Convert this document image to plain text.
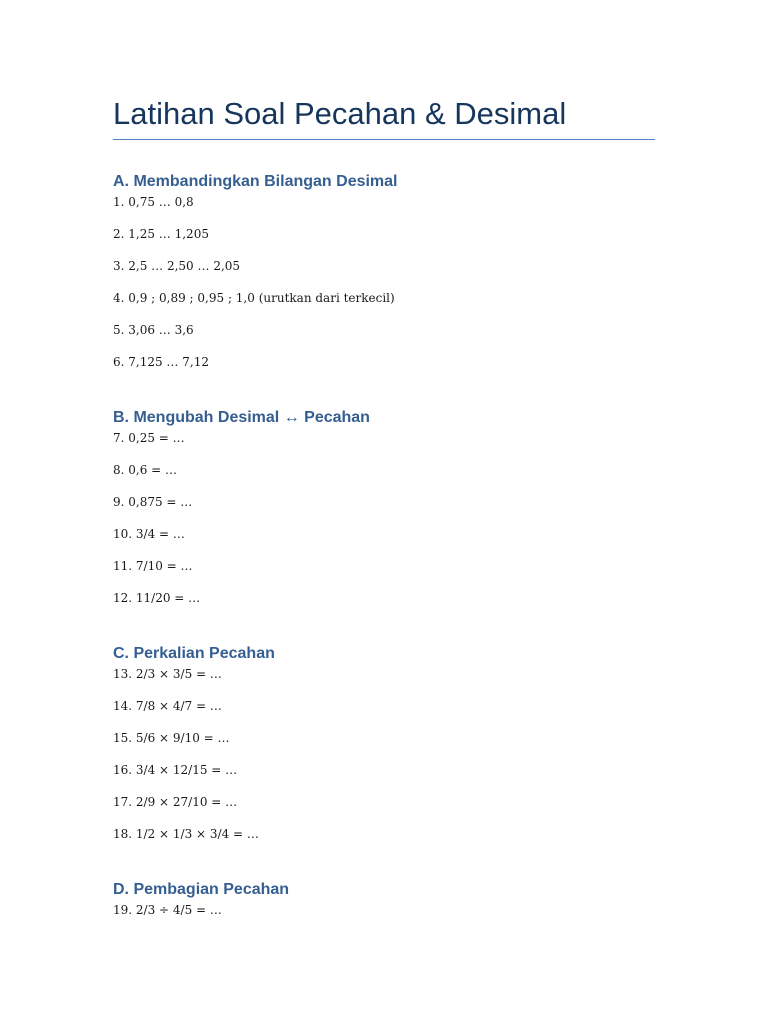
Latihan Soal Pecahan & Desimal
A. Membandingkan Bilangan Desimal
1. 0,75 … 0,8
2. 1,25 … 1,205
3. 2,5 … 2,50 … 2,05
4. 0,9 ; 0,89 ; 0,95 ; 1,0 (urutkan dari terkecil)
5. 3,06 … 3,6
6. 7,125 … 7,12
B. Mengubah Desimal ↔ Pecahan
7. 0,25 = …
8. 0,6 = …
9. 0,875 = …
10. 3/4 = …
11. 7/10 = …
12. 11/20 = …
C. Perkalian Pecahan
13. 2/3 × 3/5 = …
14. 7/8 × 4/7 = …
15. 5/6 × 9/10 = …
16. 3/4 × 12/15 = …
17. 2/9 × 27/10 = …
18. 1/2 × 1/3 × 3/4 = …
D. Pembagian Pecahan
19. 2/3 ÷ 4/5 = …
